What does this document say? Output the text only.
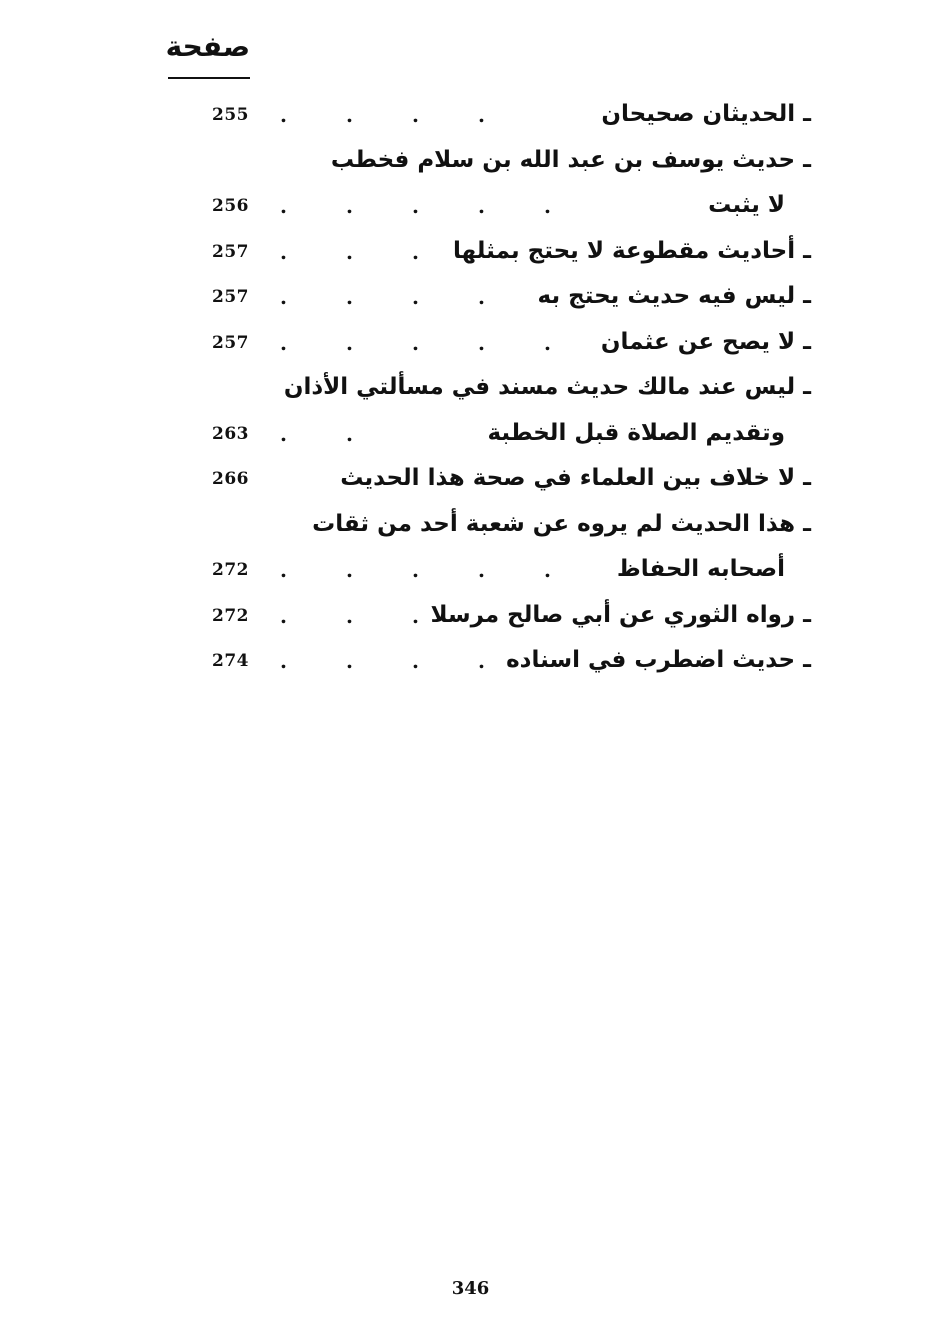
صفحة
ـ الحديثان صحيحان
255 .	.	.	.
ـ حديث يوسف بن عبد الله بن سلام فخطب
لا يثبت
256 .	.	.	.	.
ـ أحاديث مقطوعة لا يحتج بمثلها
257 .	.	.
ـ ليس فيه حديث يحتج به
257 .	.	.	.
ـ لا يصح عن عثمان
257 .	.	.	.	.
ـ ليس عند مالك حديث مسند في مسألتي الأذان
وتقديم الصلاة قبل الخطبة
263 .	.
ـ لا خلاف بين العلماء في صحة هذا الحديث
266
ـ هذا الحديث لم يروه عن شعبة أحد من ثقات
أصحابه الحفاظ
272 .	.	.	.	.
ـ رواه الثوري عن أبي صالح مرسلا
272 .	.	.
ـ حديث اضطرب في اسناده
274 .	.	.	.
346
